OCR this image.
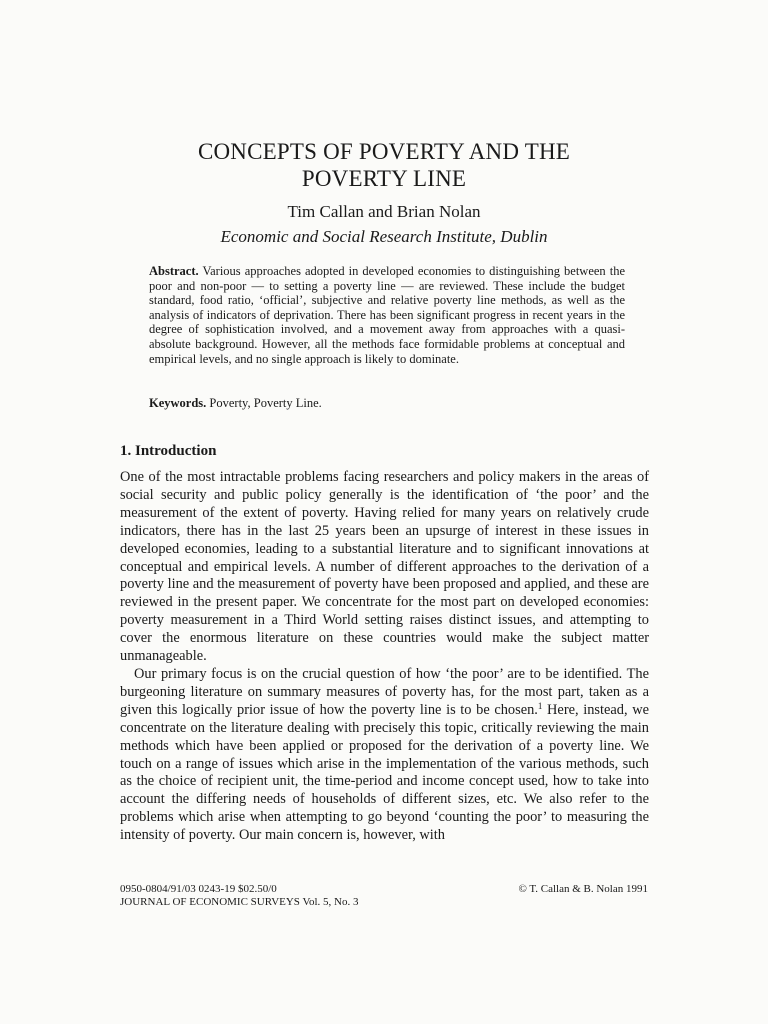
CONCEPTS OF POVERTY AND THE
POVERTY LINE
Tim Callan and Brian Nolan
Economic and Social Research Institute, Dublin

Abstract. Various approaches adopted in developed economies to distinguishing between the poor and non-poor — to setting a poverty line — are reviewed. These include the budget standard, food ratio, ‘official’, subjective and relative poverty line methods, as well as the analysis of indicators of deprivation. There has been significant progress in recent years in the degree of sophistication involved, and a movement away from approaches with a quasi-absolute background. However, all the methods face formidable problems at conceptual and empirical levels, and no single approach is likely to dominate.

Keywords. Poverty, Poverty Line.

1. Introduction

One of the most intractable problems facing researchers and policy makers in the areas of social security and public policy generally is the identification of ‘the poor’ and the measurement of the extent of poverty. Having relied for many years on relatively crude indicators, there has in the last 25 years been an upsurge of interest in these issues in developed economies, leading to a substantial literature and to significant innovations at conceptual and empirical levels. A number of different approaches to the derivation of a poverty line and the measurement of poverty have been proposed and applied, and these are reviewed in the present paper. We concentrate for the most part on developed economies: poverty measurement in a Third World setting raises distinct issues, and attempting to cover the enormous literature on these countries would make the subject matter unmanageable.

Our primary focus is on the crucial question of how ‘the poor’ are to be identified. The burgeoning literature on summary measures of poverty has, for the most part, taken as a given this logically prior issue of how the poverty line is to be chosen.$^1$ Here, instead, we concentrate on the literature dealing with precisely this topic, critically reviewing the main methods which have been applied or proposed for the derivation of a poverty line. We touch on a range of issues which arise in the implementation of the various methods, such as the choice of recipient unit, the time-period and income concept used, how to take into account the differing needs of households of different sizes, etc. We also refer to the problems which arise when attempting to go beyond ‘counting the poor’ to measuring the intensity of poverty. Our main concern is, however, with

0950-0804/91/03 0243-19 $02.50/0
JOURNAL OF ECONOMIC SURVEYS Vol. 5, No. 3
© T. Callan & B. Nolan 1991
